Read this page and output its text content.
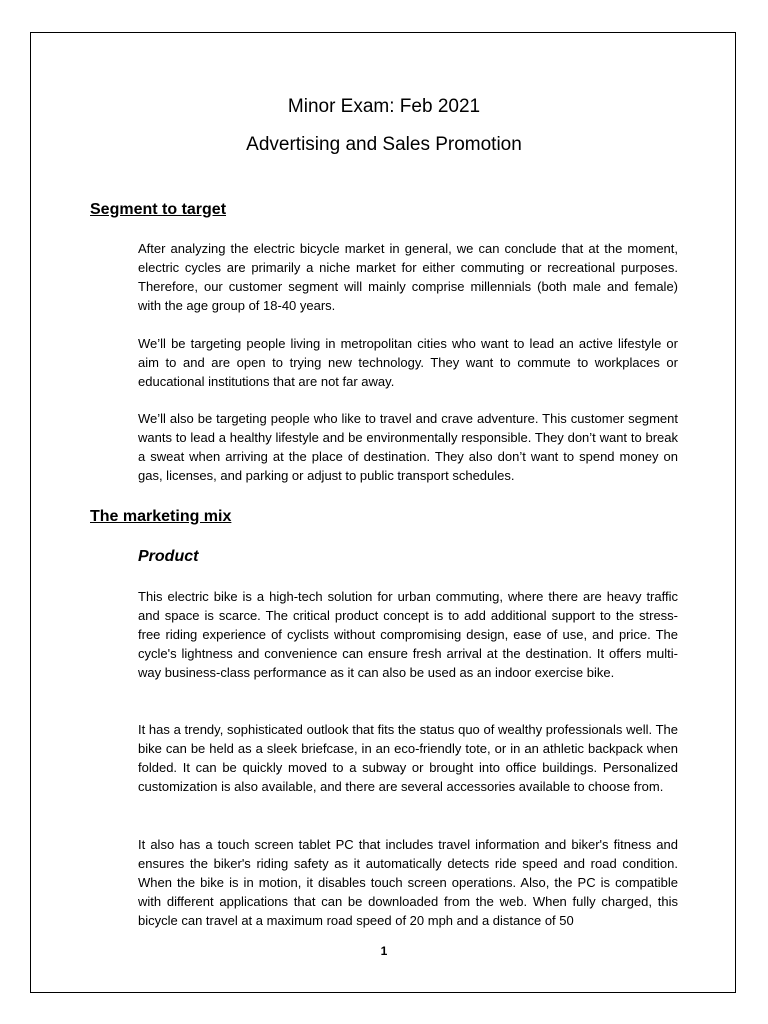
Minor Exam: Feb 2021
Advertising and Sales Promotion
Segment to target

After analyzing the electric bicycle market in general, we can conclude that at the moment, electric cycles are primarily a niche market for either commuting or recreational purposes. Therefore, our customer segment will mainly comprise millennials (both male and female) with the age group of 18-40 years.

We’ll be targeting people living in metropolitan cities who want to lead an active lifestyle or aim to and are open to trying new technology. They want to commute to workplaces or educational institutions that are not far away.

We’ll also be targeting people who like to travel and crave adventure. This customer segment wants to lead a healthy lifestyle and be environmentally responsible. They don’t want to break a sweat when arriving at the place of destination. They also don’t want to spend money on gas, licenses, and parking or adjust to public transport schedules.

The marketing mix
Product

This electric bike is a high-tech solution for urban commuting, where there are heavy traffic and space is scarce. The critical product concept is to add additional support to the stress-free riding experience of cyclists without compromising design, ease of use, and price. The cycle's lightness and convenience can ensure fresh arrival at the destination. It offers multi-way business-class performance as it can also be used as an indoor exercise bike.

It has a trendy, sophisticated outlook that fits the status quo of wealthy professionals well. The bike can be held as a sleek briefcase, in an eco-friendly tote, or in an athletic backpack when folded. It can be quickly moved to a subway or brought into office buildings. Personalized customization is also available, and there are several accessories available to choose from.

It also has a touch screen tablet PC that includes travel information and biker's fitness and ensures the biker's riding safety as it automatically detects ride speed and road condition. When the bike is in motion, it disables touch screen operations. Also, the PC is compatible with different applications that can be downloaded from the web. When fully charged, this bicycle can travel at a maximum road speed of 20 mph and a distance of 50

1
